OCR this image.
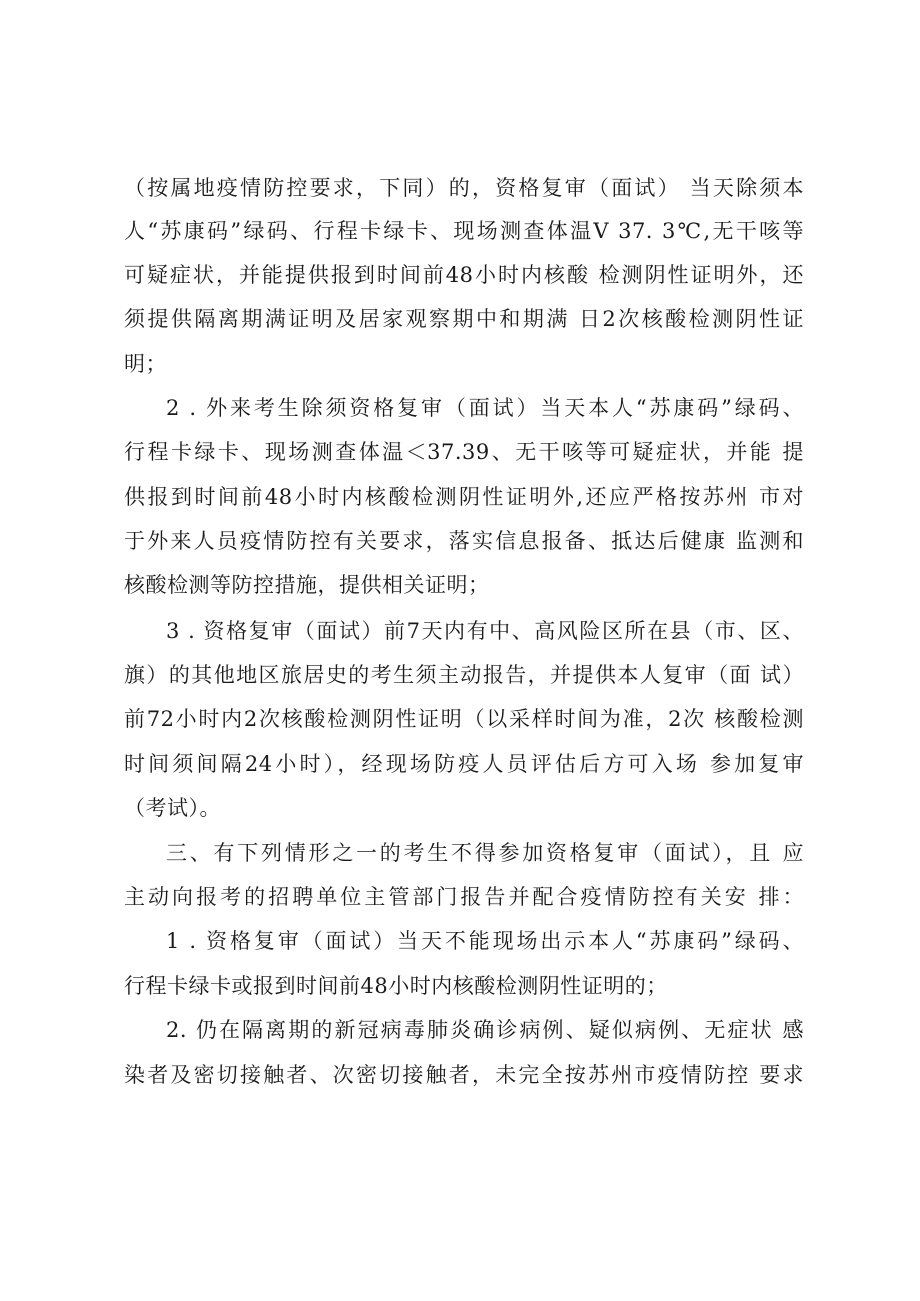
（按属地疫情防控要求，下同）的，资格复审（面试） 当天除须本
人“苏康码”绿码、行程卡绿卡、现场测查体温V 37. 3℃,无干咳等
可疑症状，并能提供报到时间前48小时内核酸 检测阴性证明外，还
须提供隔离期满证明及居家观察期中和期满 日2次核酸检测阴性证
明；
2 . 外来考生除须资格复审（面试）当天本人“苏康码”绿码、
行程卡绿卡、现场测查体温＜37.39、无干咳等可疑症状，并能 提
供报到时间前48小时内核酸检测阴性证明外,还应严格按苏州 市对
于外来人员疫情防控有关要求，落实信息报备、抵达后健康 监测和
核酸检测等防控措施，提供相关证明；
3 . 资格复审（面试）前7天内有中、高风险区所在县（市、区、
旗）的其他地区旅居史的考生须主动报告，并提供本人复审（面 试）
前72小时内2次核酸检测阴性证明（以采样时间为准，2次 核酸检测
时间须间隔24小时），经现场防疫人员评估后方可入场 参加复审
（考试）。
三、有下列情形之一的考生不得参加资格复审（面试），且 应
主动向报考的招聘单位主管部门报告并配合疫情防控有关安 排：
1 . 资格复审（面试）当天不能现场出示本人“苏康码”绿码、
行程卡绿卡或报到时间前48小时内核酸检测阴性证明的；
2. 仍在隔离期的新冠病毒肺炎确诊病例、疑似病例、无症状 感
染者及密切接触者、次密切接触者，未完全按苏州市疫情防控 要求
